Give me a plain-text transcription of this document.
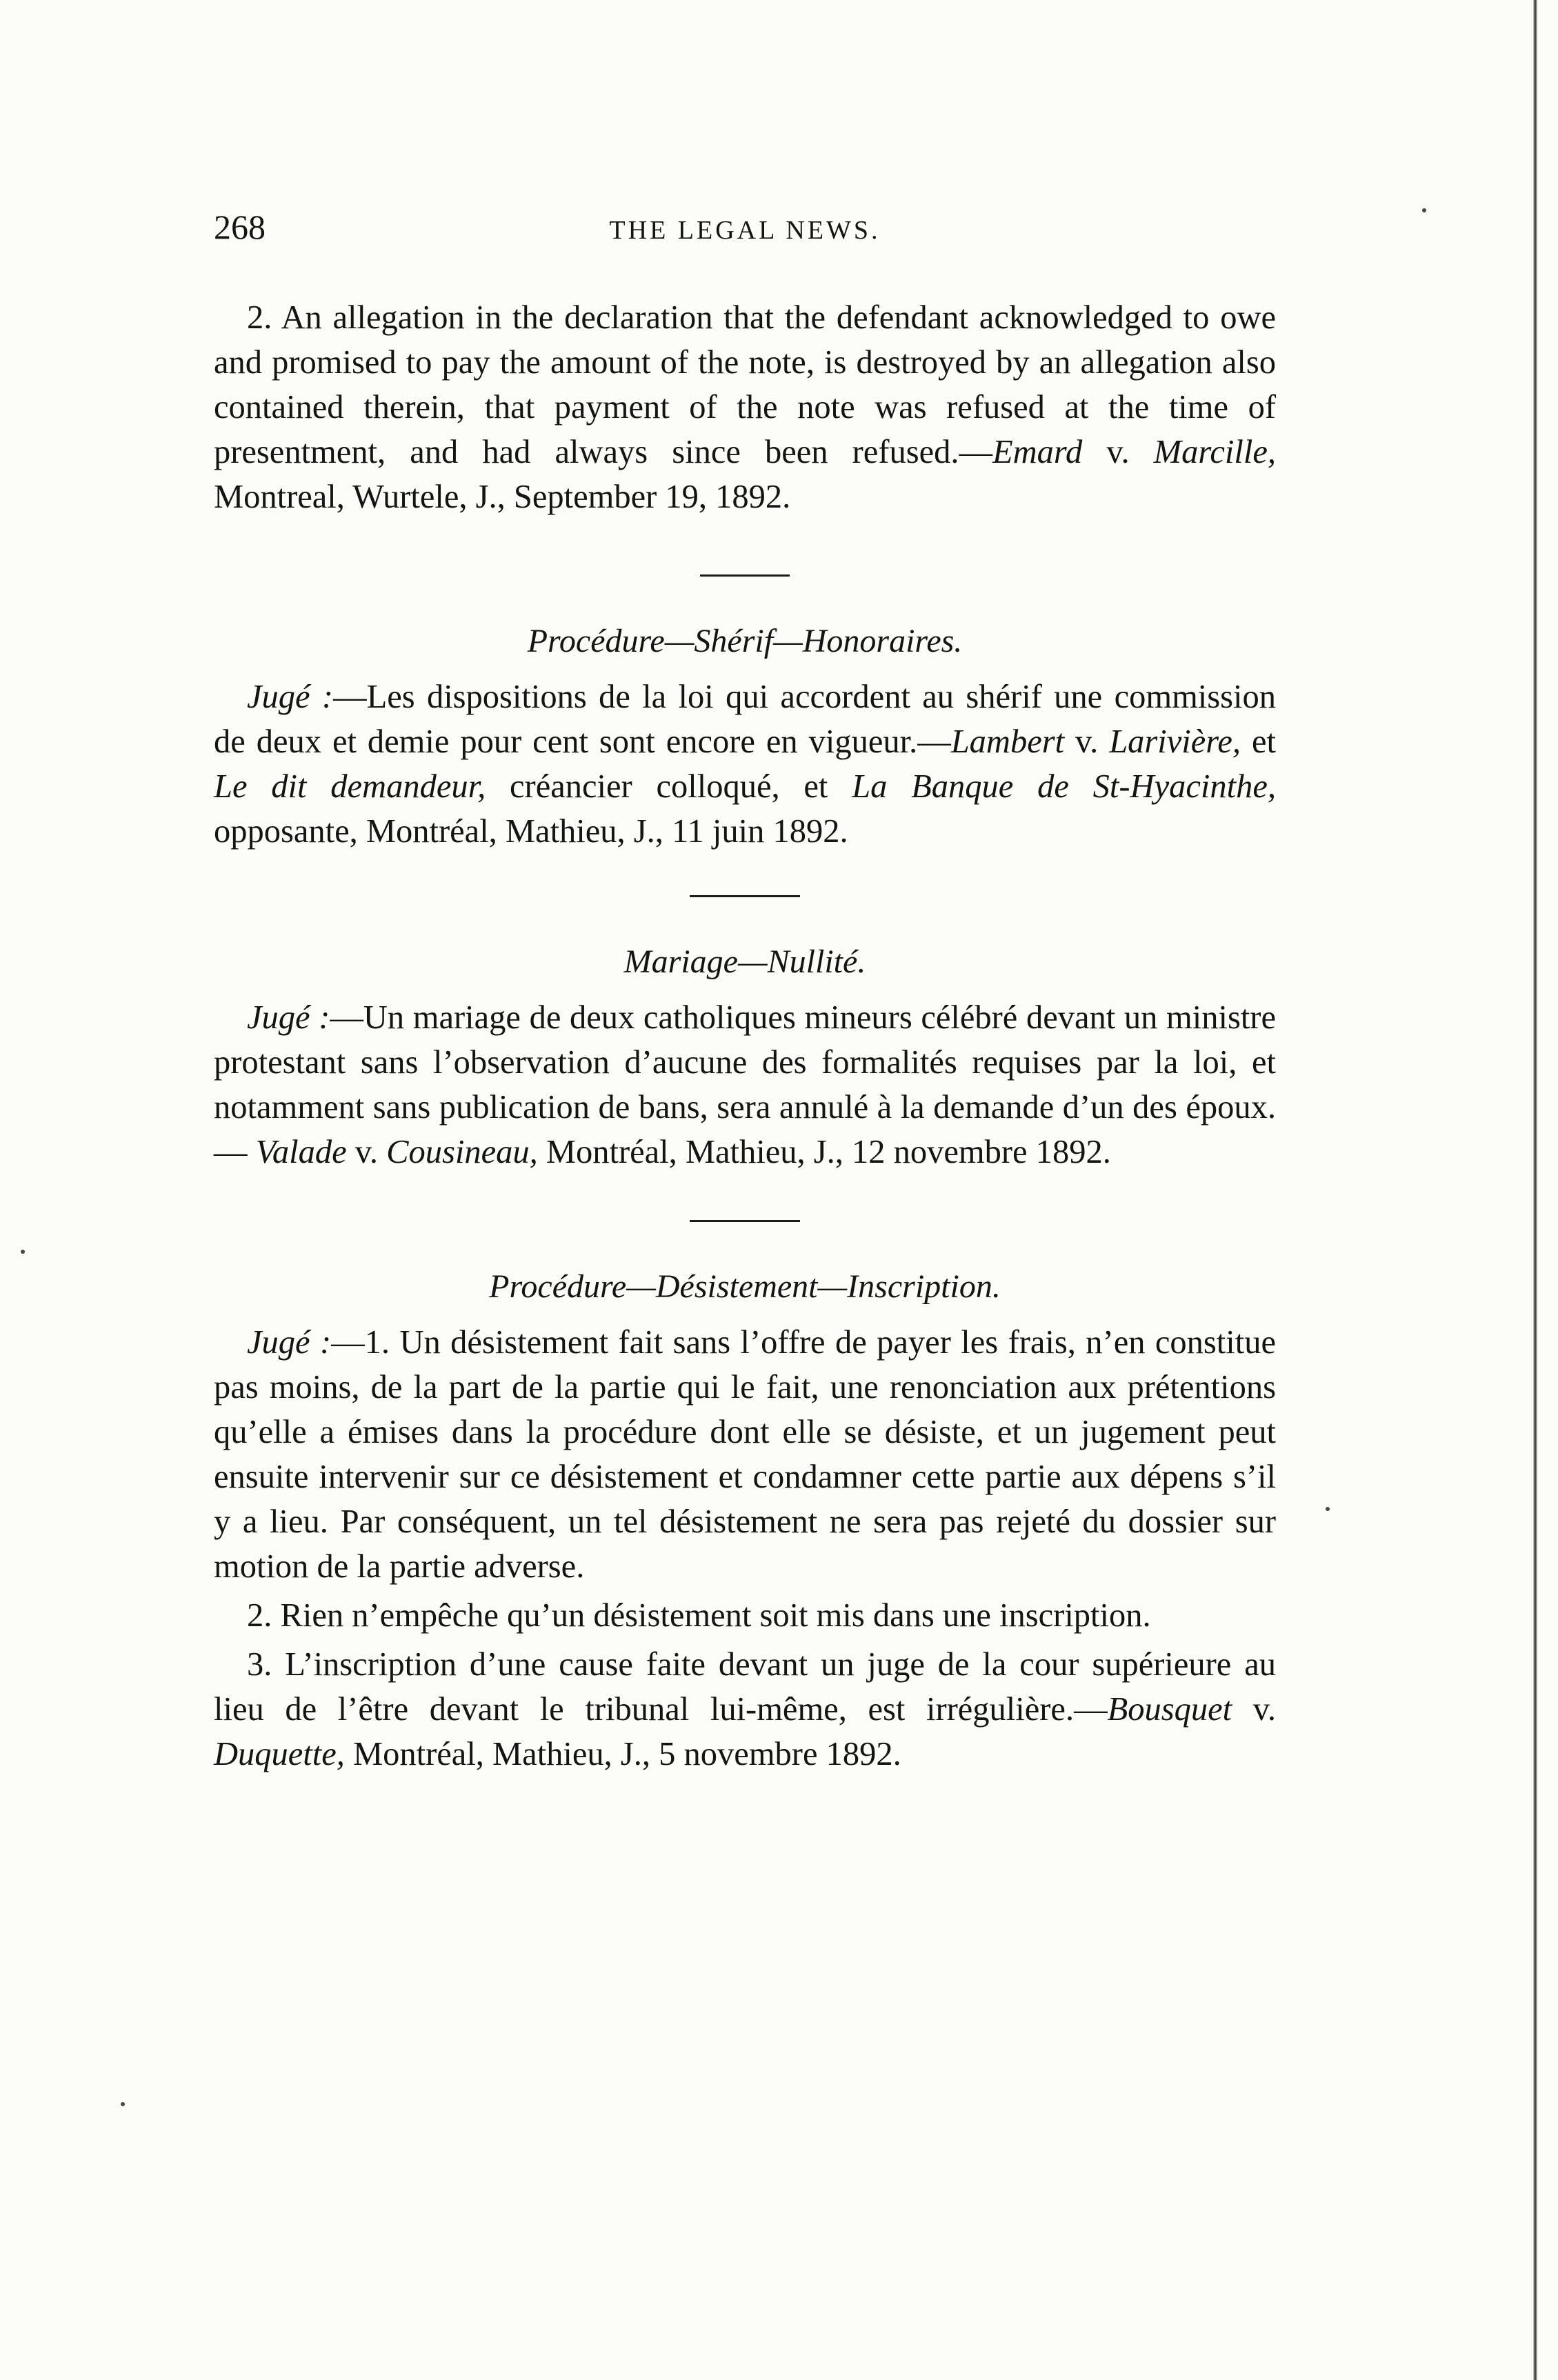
268	THE LEGAL NEWS.

2. An allegation in the declaration that the defendant acknowledged to owe and promised to pay the amount of the note, is destroyed by an allegation also contained therein, that payment of the note was refused at the time of presentment, and had always since been refused.—Emard v. Marcille, Montreal, Wurtele, J., September 19, 1892.

Procédure—Shérif—Honoraires.

Jugé :—Les dispositions de la loi qui accordent au shérif une commission de deux et demie pour cent sont encore en vigueur.—Lambert v. Larivière, et Le dit demandeur, créancier colloqué, et La Banque de St-Hyacinthe, opposante, Montréal, Mathieu, J., 11 juin 1892.

Mariage—Nullité.

Jugé :—Un mariage de deux catholiques mineurs célébré devant un ministre protestant sans l’observation d’aucune des formalités requises par la loi, et notamment sans publication de bans, sera annulé à la demande d’un des époux.— Valade v. Cousineau, Montréal, Mathieu, J., 12 novembre 1892.

Procédure—Désistement—Inscription.

Jugé :—1. Un désistement fait sans l’offre de payer les frais, n’en constitue pas moins, de la part de la partie qui le fait, une renonciation aux prétentions qu’elle a émises dans la procédure dont elle se désiste, et un jugement peut ensuite intervenir sur ce désistement et condamner cette partie aux dépens s’il y a lieu. Par conséquent, un tel désistement ne sera pas rejeté du dossier sur motion de la partie adverse.

2. Rien n’empêche qu’un désistement soit mis dans une inscription.

3. L’inscription d’une cause faite devant un juge de la cour supérieure au lieu de l’être devant le tribunal lui-même, est irrégulière.—Bousquet v. Duquette, Montréal, Mathieu, J., 5 novembre 1892.
